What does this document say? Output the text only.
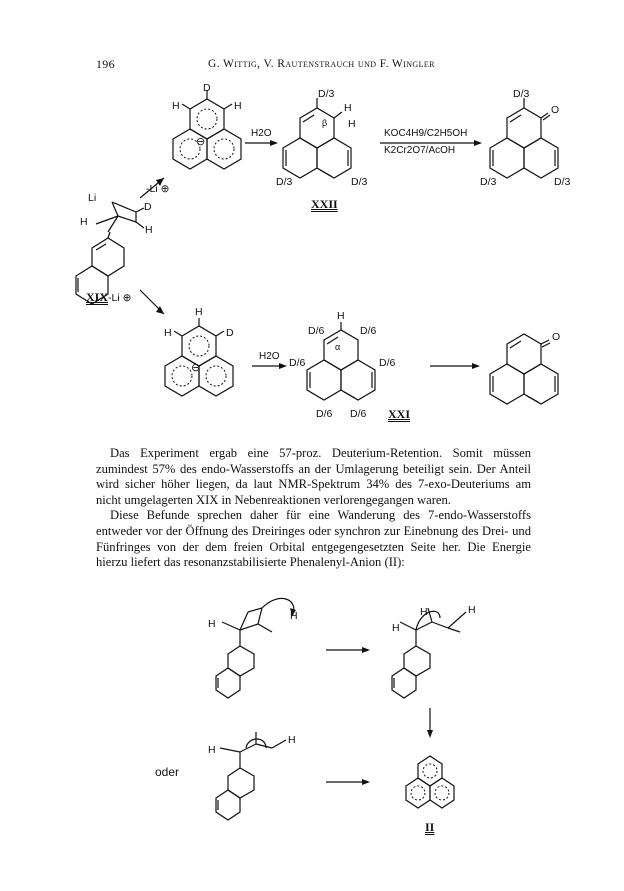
196	G. Wittig, V. Rautenstrauch und F. Wingler
D
H	H
⊖
-Li ⊕
Li
H
D
H
XIX -Li ⊕
H2O
D/3
H
β H
D/3	D/3
XXII
KOC4H9/C2H5OH
K2Cr2O7/AcOH
D/3
O
D/3	D/3
H
H	D
⊖
H2O
H
D/6	D/6
α
D/6	D/6
D/6 D/6 XXI
O

Das Experiment ergab eine 57-proz. Deuterium-Retention. Somit müssen zumindest 57% des endo-Wasserstoffs an der Umlagerung beteiligt sein. Der Anteil wird sicher höher liegen, da laut NMR-Spektrum 34% des 7-exo-Deuteriums am nicht umgelagerten XIX in Nebenreaktionen verlorengegangen waren.

Diese Befunde sprechen daher für eine Wanderung des 7-endo-Wasserstoffs entweder vor der Öffnung des Dreiringes oder synchron zur Einebnung des Drei- und Fünfringes von der dem freien Orbital entgegengesetzten Seite her. Die Energie hierzu liefert das resonanzstabilisierte Phenalenyl-Anion (II):

H
H	H
H
H
H
H
oder
II
